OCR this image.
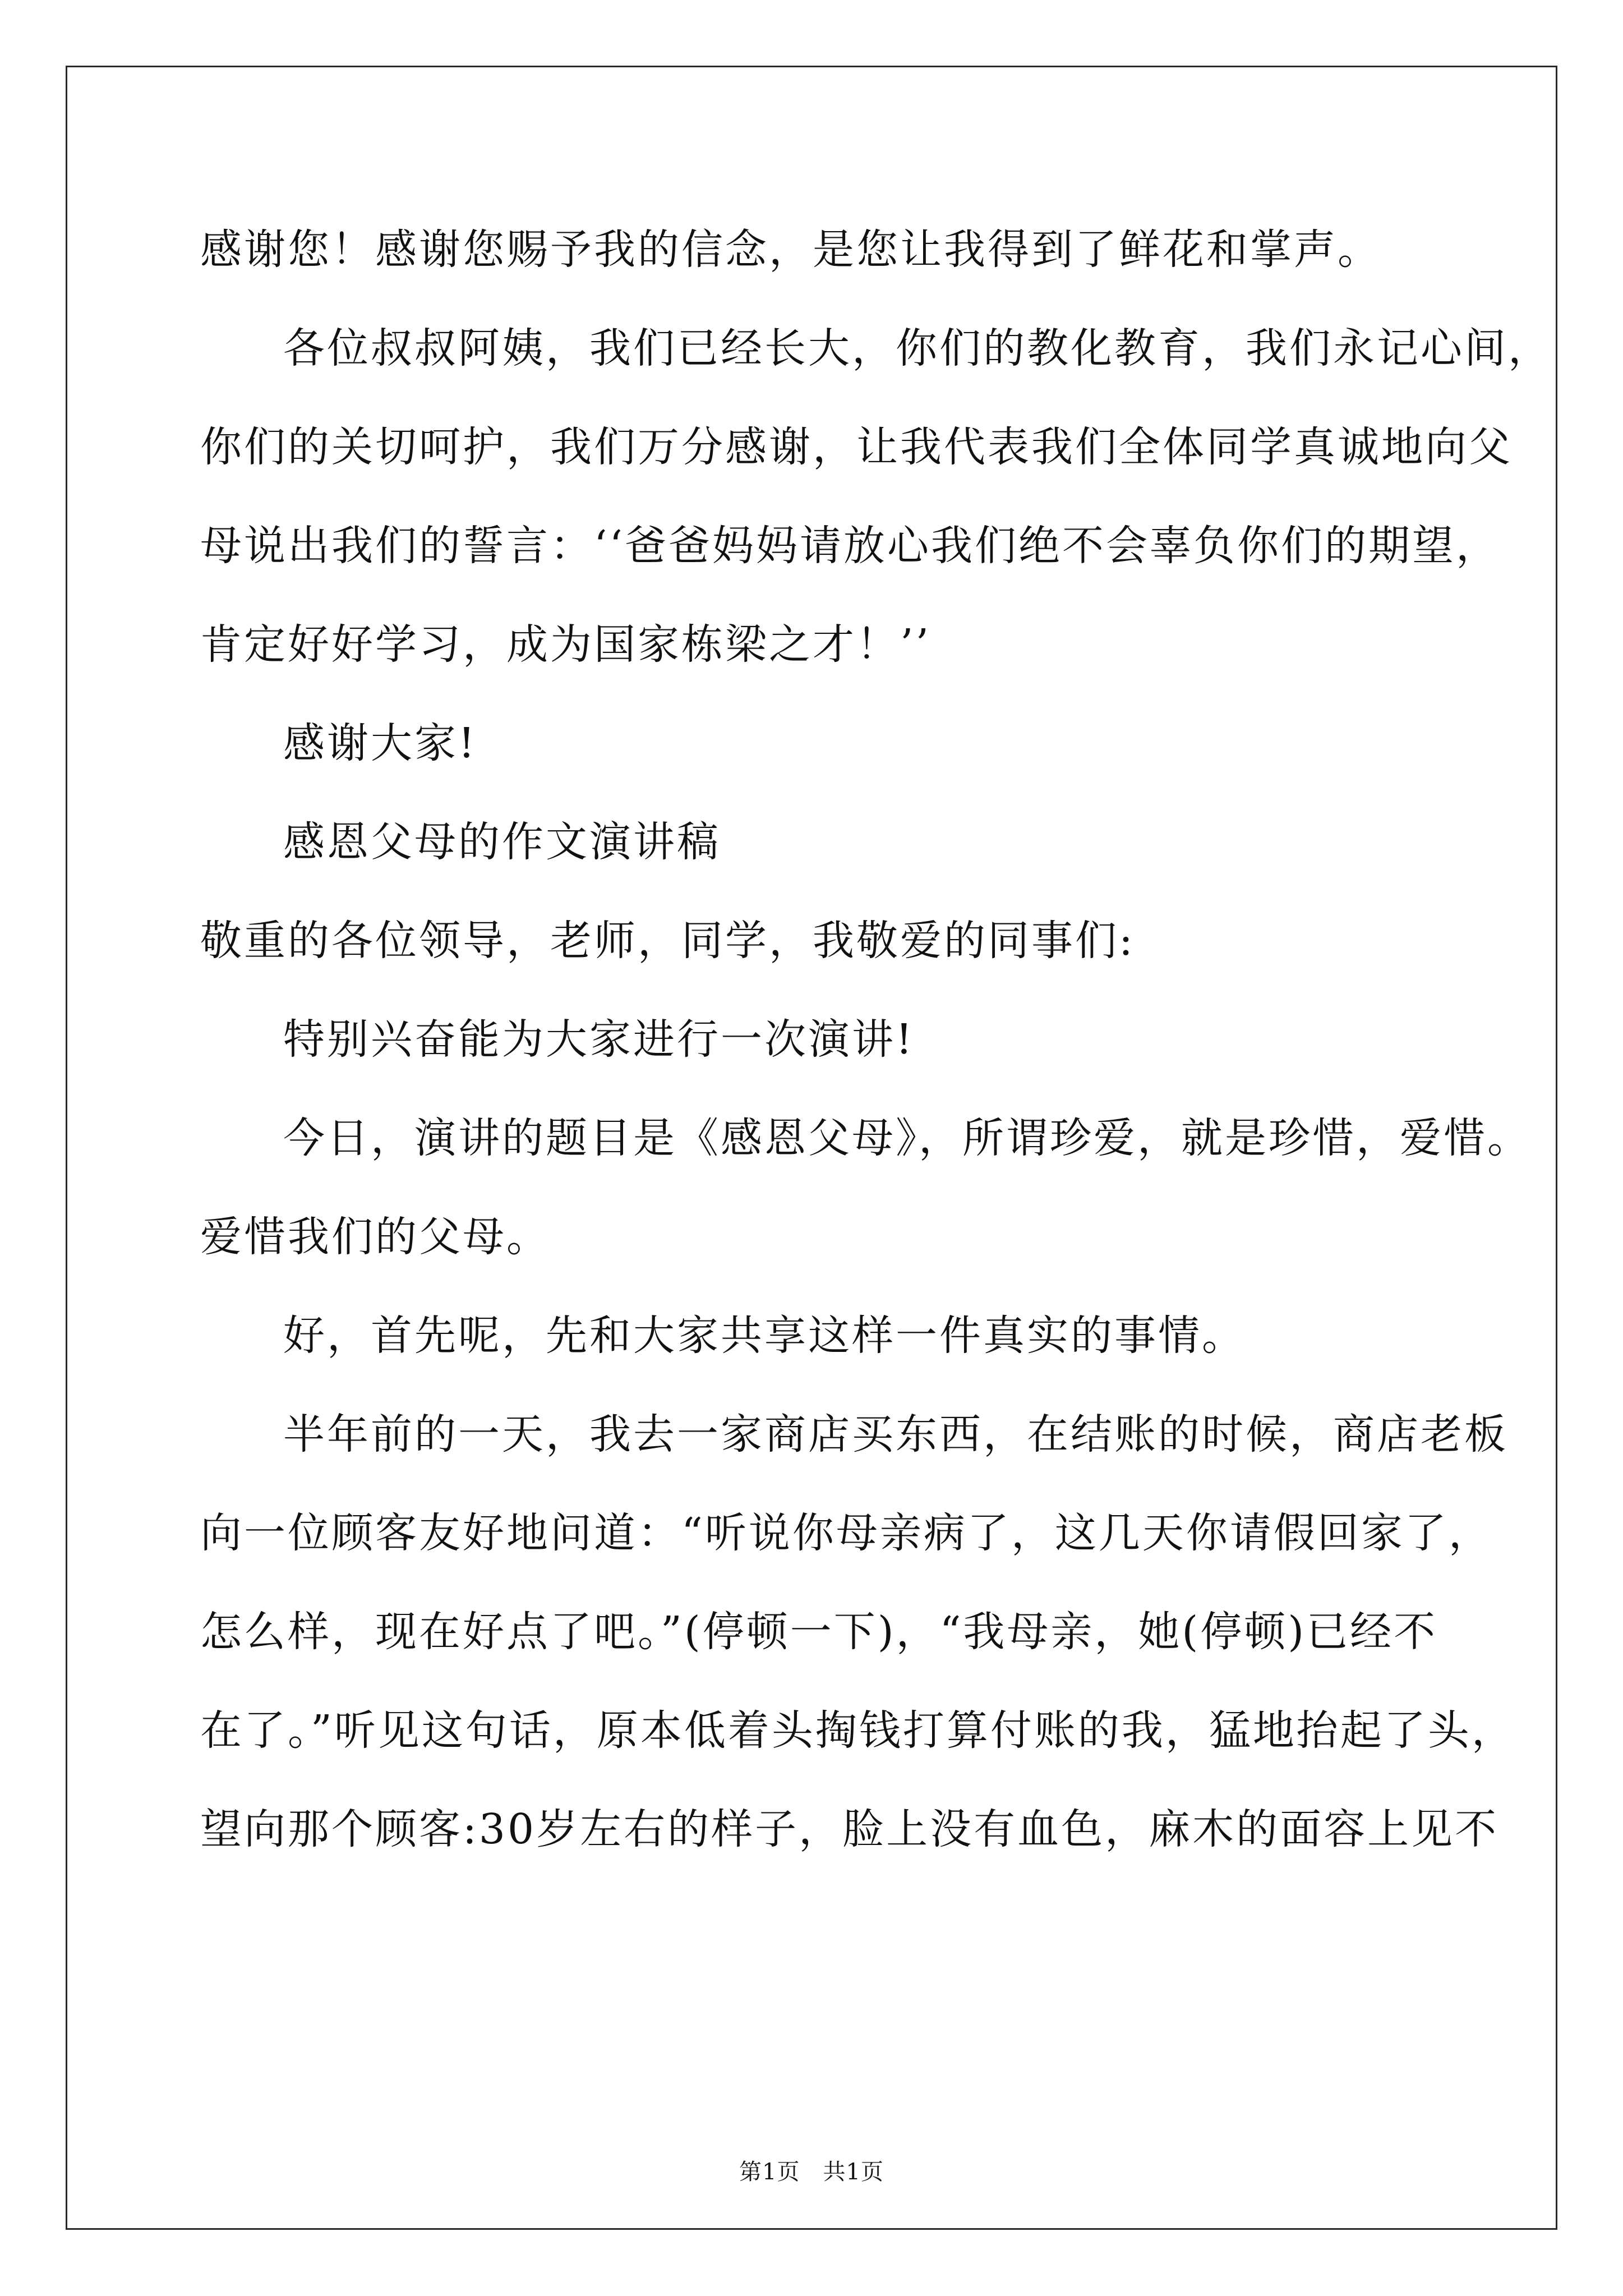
感谢您！感谢您赐予我的信念，是您让我得到了鲜花和掌声。
各位叔叔阿姨，我们已经长大，你们的教化教育，我们永记心间，
你们的关切呵护，我们万分感谢，让我代表我们全体同学真诚地向父
母说出我们的誓言：‘‘爸爸妈妈请放心我们绝不会辜负你们的期望，
肯定好好学习，成为国家栋梁之才！’’
感谢大家!
感恩父母的作文演讲稿
敬重的各位领导，老师，同学，我敬爱的同事们:
特别兴奋能为大家进行一次演讲!
今日，演讲的题目是《感恩父母》，所谓珍爱，就是珍惜，爱惜。
爱惜我们的父母。
好，首先呢，先和大家共享这样一件真实的事情。
半年前的一天，我去一家商店买东西，在结账的时候，商店老板
向一位顾客友好地问道：“听说你母亲病了，这几天你请假回家了，
怎么样，现在好点了吧。”(停顿一下)，“我母亲，她(停顿)已经不
在了。”听见这句话，原本低着头掏钱打算付账的我，猛地抬起了头，
望向那个顾客:30岁左右的样子，脸上没有血色，麻木的面容上见不
第1页　共1页
